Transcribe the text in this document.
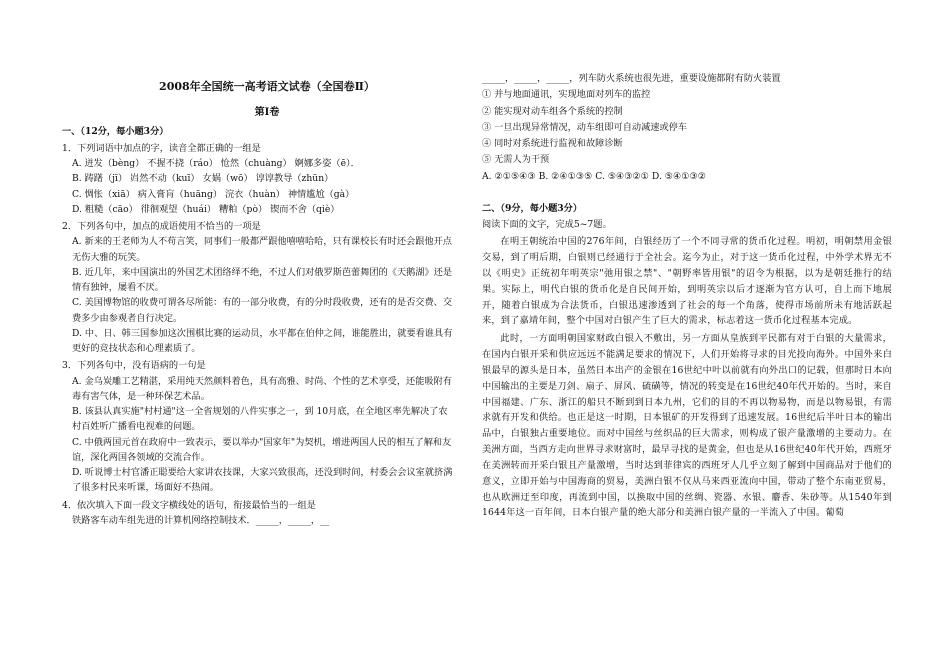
2008年全国统一高考语文试卷（全国卷Ⅱ）
第Ⅰ卷
一、（12分，每小题3分）
1．下列词语中加点的字，读音全都正确的一组是
A. 迸发（bèng） 不握不挠（ráo） 怆然（chuàng） 婀娜多姿（ē）．
B. 踌躇（jī） 岿然不动（kuī） 女娲（wō） 谆谆教导（zhūn）
C. 惆怅（xiā） 病入膏肓（huāng） 浣衣（huàn） 神情尴尬（gà）
D. 粗糙（cāo） 徘徊观望（huái） 糟粕（pò） 锲而不舍（qiè）
2．下列各句中，加点的成语使用不恰当的一项是
A. 新来的王老师为人不苟言笑，同事们一般都严跟他嘻嘻哈哈，只有课校长有时还会跟他开点
无伤大雅的玩笑。
B. 近几年，来中国演出的外国艺术团络绎不绝，不过人们对俄罗斯芭蕾舞团的《天鹅湖》还是
情有独钟，屡看不厌。
C. 美国博物馆的收费可谓各尽所能：有的一部分收费，有的分时段收费，还有的是否交费、交
费多少由参观者自行决定。
D. 中、日、韩三国参加这次围棋比赛的运动员，水平都在伯仲之间，谁能胜出，就要看谁具有
更好的竞技状态和心理素质了。
3．下列各句中，没有语病的一句是
A. 金乌炭雕工艺精湛，采用纯天然颜料着色，具有高雅、时尚、个性的艺术享受，还能吸附有
毒有害气体，是一种环保艺术品。
B. 该县认真实施"村村通"这一全省规划的八件实事之一，到 10月底，在全地区率先解决了农
村百姓听广播看电视难的问题。
C. 中俄两国元首在政府中一致表示，要以举办"国家年"为契机，增进两国人民的相互了解和友
谊，深化两国各领域的交流合作。
D. 听说博士村官潘正聪要给大家讲农技课，大家兴致很高，还没到时间，村委会会议室就挤满
了很多村民来听课，场面好不热闹。
4．依次填入下面一段文字横线处的语句，衔接最恰当的一组是
铁路客车动车组先进的计算机网络控制技术．_____，_____，__
_____，_____，_____，列车防火系统也很先进，重要设施都附有防火装置
① 并与地面通讯，实现地面对列车的监控
② 能实现对动车组各个系统的控制
③ 一旦出现异常情况，动车组即可自动减速或停车
④ 同时对系统进行监视和故障诊断
⑤ 无需人为干预
A. ②①⑤④③ B. ②④①③⑤ C. ⑤④③②① D. ⑤④①③②
二、（9分，每小题3分）
阅读下面的文字，完成5~7题。

在明王朝统治中国的276年间，白银经历了一个不同寻常的货币化过程。明初，明朝禁用金银交易，到了明后期，白银则已经通行于全社会。迄今为止，对于这一货币化过程，中外学术界无不以《明史》正统初年明英宗"弛用银之禁"、"朝野率皆用银"的诏令为根据，以为是朝廷推行的结果。实际上，明代白银的货币化是自民间开始，到明英宗以后才逐渐为官方认可，自上而下地展开，随着白银成为合法货币，白银迅速渗透到了社会的每一个角落，使得市场前所未有地活跃起来，到了嘉靖年间，整个中国对白银产生了巨大的需求，标志着这一货币化过程基本完成。

此时，一方面明朝国家财政白银入不敷出，另一方面从皇族到平民都有对于白银的大量需求，在国内白银开采和供应远远不能满足要求的情况下，人们开始将寻求的目光投向海外。中国外来白银最早的源头是日本，虽然日本出产的金银在16世纪中叶以前就有向外出口的记载，但那时日本向中国输出的主要是刀剑、扇子、屏风、硫磺等，情况的转变是在16世纪40年代开始的。当时，来自中国福建、广东、浙江的船只不断到到日本九州，它们的目的不再以物易物，而是以物易银，有需求就有开发和供给。也正是这一时期，日本银矿的开发得到了迅速发展。16世纪后半叶日本的输出品中，白银独占重要地位。而对中国丝与丝织品的巨大需求，则构成了银产量激增的主要动力。在美洲方面，当西方走向世界寻求财富时，最早寻找的是黄金，但也是从16世纪40年代开始，西班牙在美洲转而开采白银且产量激增，当时达到菲律宾的西班牙人几乎立刻了解到中国商品对于他们的意义，立即开始与中国海商的贸易，美洲白银不仅从马来西亚流向中国，带动了整个东南亚贸易，也从欧洲迂至印度，再流到中国，以换取中国的丝绸、瓷器、水银、麝香、朱砂等。从1540年到1644年这一百年间，日本白银产量的绝大部分和美洲白银产量的一半流入了中国。葡萄
